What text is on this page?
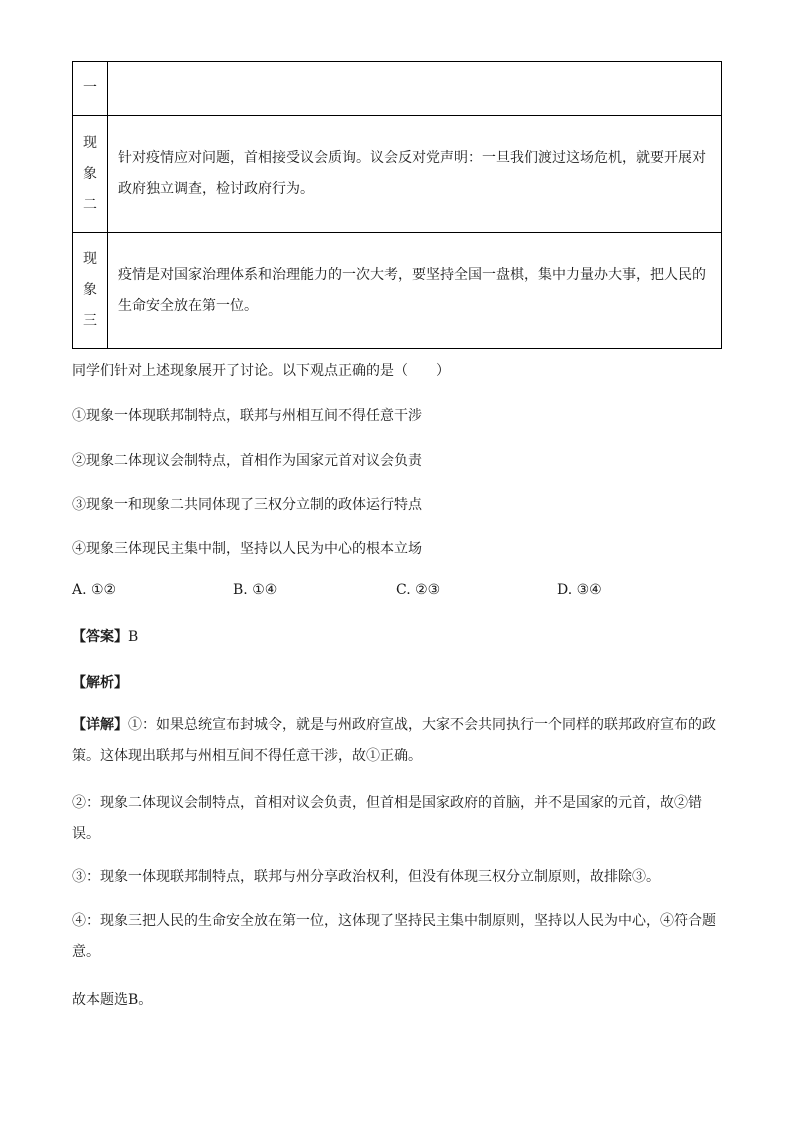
一	

现象二	针对疫情应对问题，首相接受议会质询。议会反对党声明：一旦我们渡过这场危机，就要开展对政府独立调查，检讨政府行为。

现象三	疫情是对国家治理体系和治理能力的一次大考，要坚持全国一盘棋，集中力量办大事，把人民的生命安全放在第一位。
同学们针对上述现象展开了讨论。以下观点正确的是（　　）
①现象一体现联邦制特点，联邦与州相互间不得任意干涉
②现象二体现议会制特点，首相作为国家元首对议会负责
③现象一和现象二共同体现了三权分立制的政体运行特点
④现象三体现民主集中制，坚持以人民为中心的根本立场
A. ①②	B. ①④	C. ②③	D. ③④
【答案】B
【解析】
【详解】①：如果总统宣布封城令，就是与州政府宣战，大家不会共同执行一个同样的联邦政府宣布的政策。这体现出联邦与州相互间不得任意干涉，故①正确。
②：现象二体现议会制特点，首相对议会负责，但首相是国家政府的首脑，并不是国家的元首，故②错误。
③：现象一体现联邦制特点，联邦与州分享政治权利，但没有体现三权分立制原则，故排除③。
④：现象三把人民的生命安全放在第一位，这体现了坚持民主集中制原则，坚持以人民为中心，④符合题意。
故本题选B。
